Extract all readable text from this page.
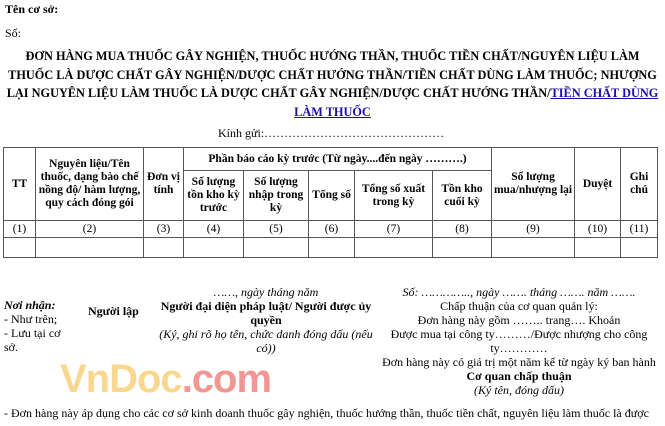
Tên cơ sở:
Số:
ĐƠN HÀNG MUA THUỐC GÂY NGHIỆN, THUỐC HƯỚNG THẦN, THUỐC TIỀN CHẤT/NGUYÊN LIỆU LÀM THUỐC LÀ DƯỢC CHẤT GÂY NGHIỆN/DƯỢC CHẤT HƯỚNG THẦN/TIỀN CHẤT DÙNG LÀM THUỐC; NHƯỢNG LẠI NGUYÊN LIỆU LÀM THUỐC LÀ DƯỢC CHẤT GÂY NGHIỆN/DƯỢC CHẤT HƯỚNG THẦN/TIỀN CHẤT DÙNG LÀM THUỐC
Kính gửi:………………………………………
TT	Nguyên liệu/Tên thuốc, dạng bào chế nồng độ/ hàm lượng, quy cách đóng gói	Đơn vị tính	Phần báo cáo kỳ trước (Từ ngày....đến ngày ……….)					Số lượng mua/nhượng lại	Duyệt	Ghi chú
			Số lượng tồn kho kỳ trước	Số lượng nhập trong kỳ	Tổng số	Tổng số xuất trong kỳ	Tồn kho cuối kỳ			
(1)	(2)	(3)	(4)	(5)	(6)	(7)	(8)	(9)	(10)	(11)

Nơi nhận:
- Như trên;
- Lưu tại cơ sở.
Người lập
……, ngày tháng năm
Người đại diện pháp luật/ Người được ủy quyền
(Ký, ghi rõ họ tên, chức danh đóng dấu (nếu có))
Số: ………….., ngày ……. tháng ……. năm …….
Chấp thuận của cơ quan quản lý:
Đơn hàng này gồm …….. trang…. Khoản
Được mua tại công ty………/Được nhượng cho công ty…………
Đơn hàng này có giá trị một năm kể từ ngày ký ban hành
Cơ quan chấp thuận
(Ký tên, đóng dấu)
VnDoc.com
- Đơn hàng này áp dụng cho các cơ sở kinh doanh thuốc gây nghiện, thuốc hướng thần, thuốc tiền chất, nguyên liệu làm thuốc là được
